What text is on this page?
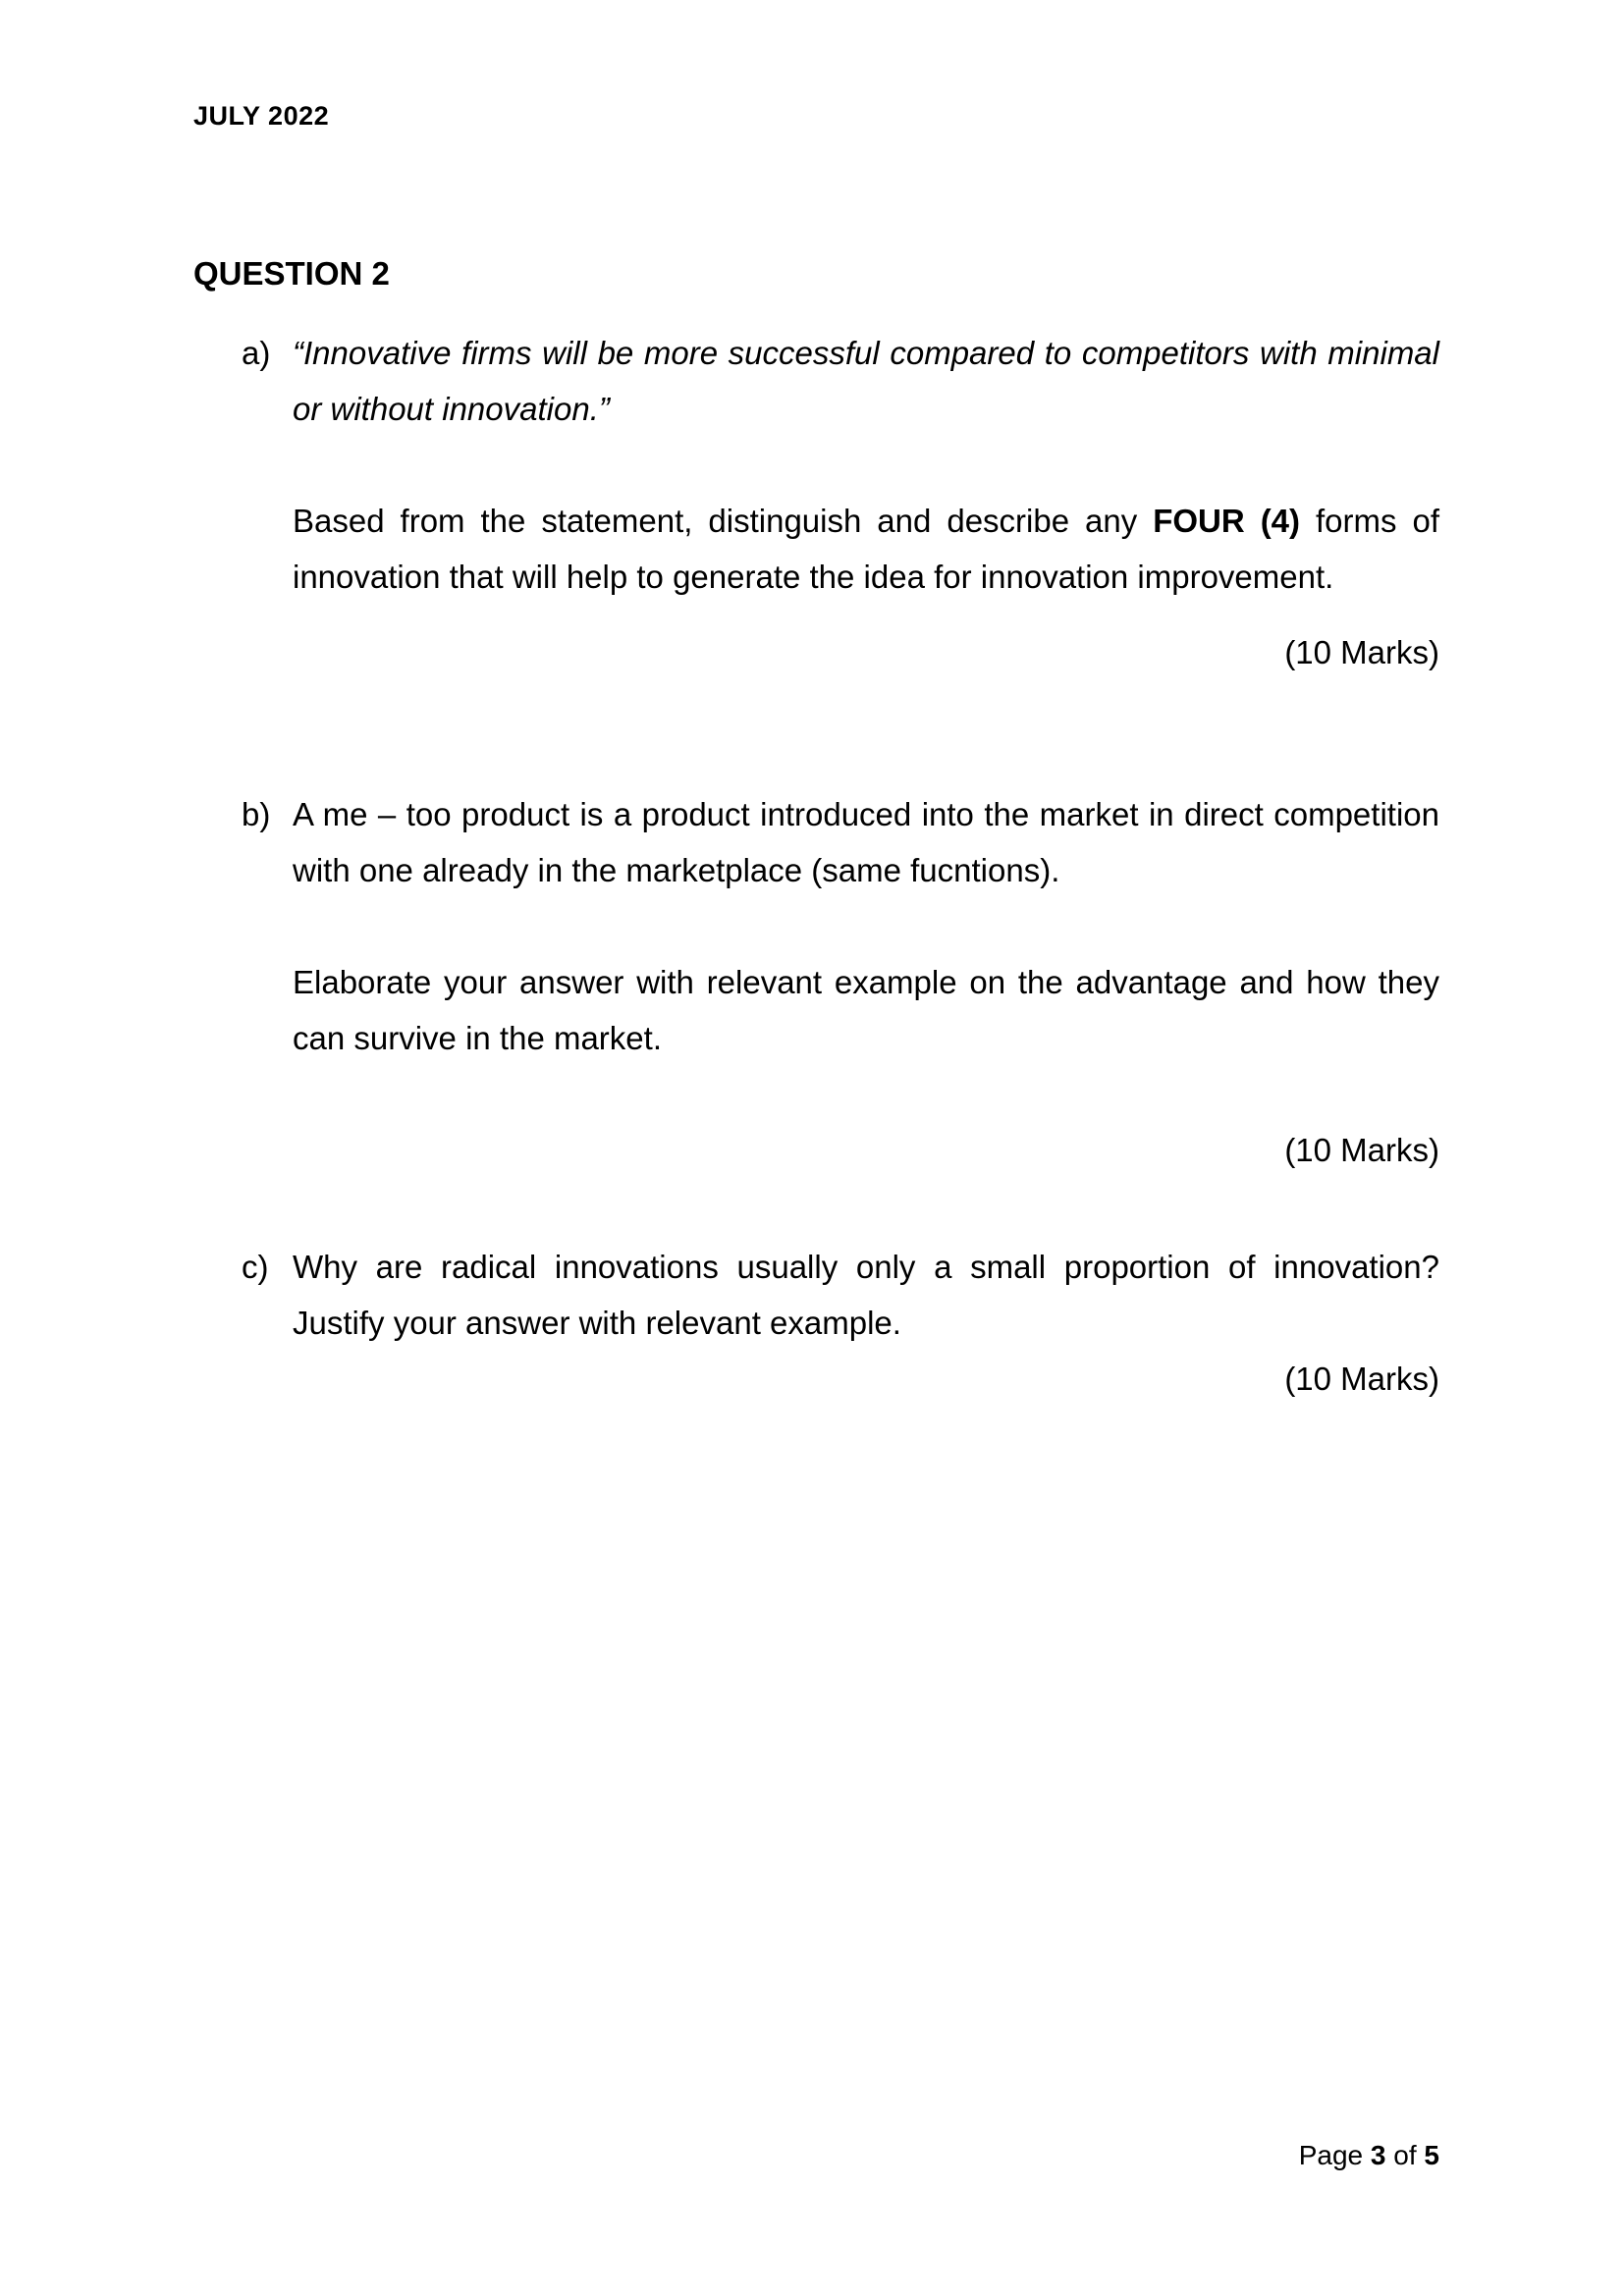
JULY 2022
QUESTION 2
a) “Innovative firms will be more successful compared to competitors with minimal or without innovation.”

Based from the statement, distinguish and describe any FOUR (4) forms of innovation that will help to generate the idea for innovation improvement.

(10 Marks)

b) A me – too product is a product introduced into the market in direct competition with one already in the marketplace (same fucntions).

Elaborate your answer with relevant example on the advantage and how they can survive in the market.

(10 Marks)

c) Why are radical innovations usually only a small proportion of innovation? Justify your answer with relevant example.

(10 Marks)

Page 3 of 5
